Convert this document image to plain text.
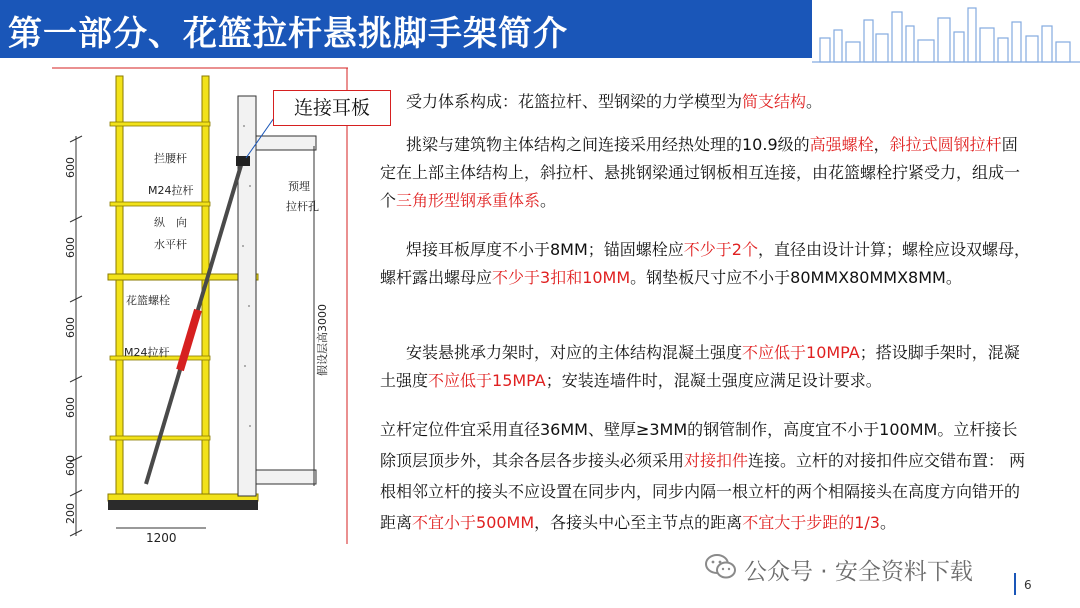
第一部分、花篮拉杆悬挑脚手架简介
拦腰杆
M24拉杆
纵　向
水平杆
预埋
拉杆孔
花篮螺栓
M24拉杆	假设层高3000
600
600
600
600
600
200
1200
连接耳板	受力体系构成：花篮拉杆、型钢梁的力学模型为简支结构。
挑梁与建筑物主体结构之间连接采用经热处理的10.9级的高强螺栓，斜拉式圆钢拉杆固定在上部主体结构上，斜拉杆、悬挑钢梁通过钢板相互连接，由花篮螺栓拧紧受力，组成一个三角形型钢承重体系。
焊接耳板厚度不小于8MM；锚固螺栓应不少于2个，直径由设计计算；螺栓应设双螺母，螺杆露出螺母应不少于3扣和10MM。钢垫板尺寸应不小于80MMX80MMX8MM。
安装悬挑承力架时，对应的主体结构混凝土强度不应低于10MPA；搭设脚手架时，混凝土强度不应低于15MPA；安装连墙件时，混凝土强度应满足设计要求。
立杆定位件宜采用直径36MM、壁厚≥3MM的钢管制作，高度宜不小于100MM。立杆接长除顶层顶步外，其余各层各步接头必须采用对接扣件连接。立杆的对接扣件应交错布置： 两根相邻立杆的接头不应设置在同步内，同步内隔一根立杆的两个相隔接头在高度方向错开的距离不宜小于500MM，各接头中心至主节点的距离不宜大于步距的1/3。
公众号 · 安全资料下载	6
